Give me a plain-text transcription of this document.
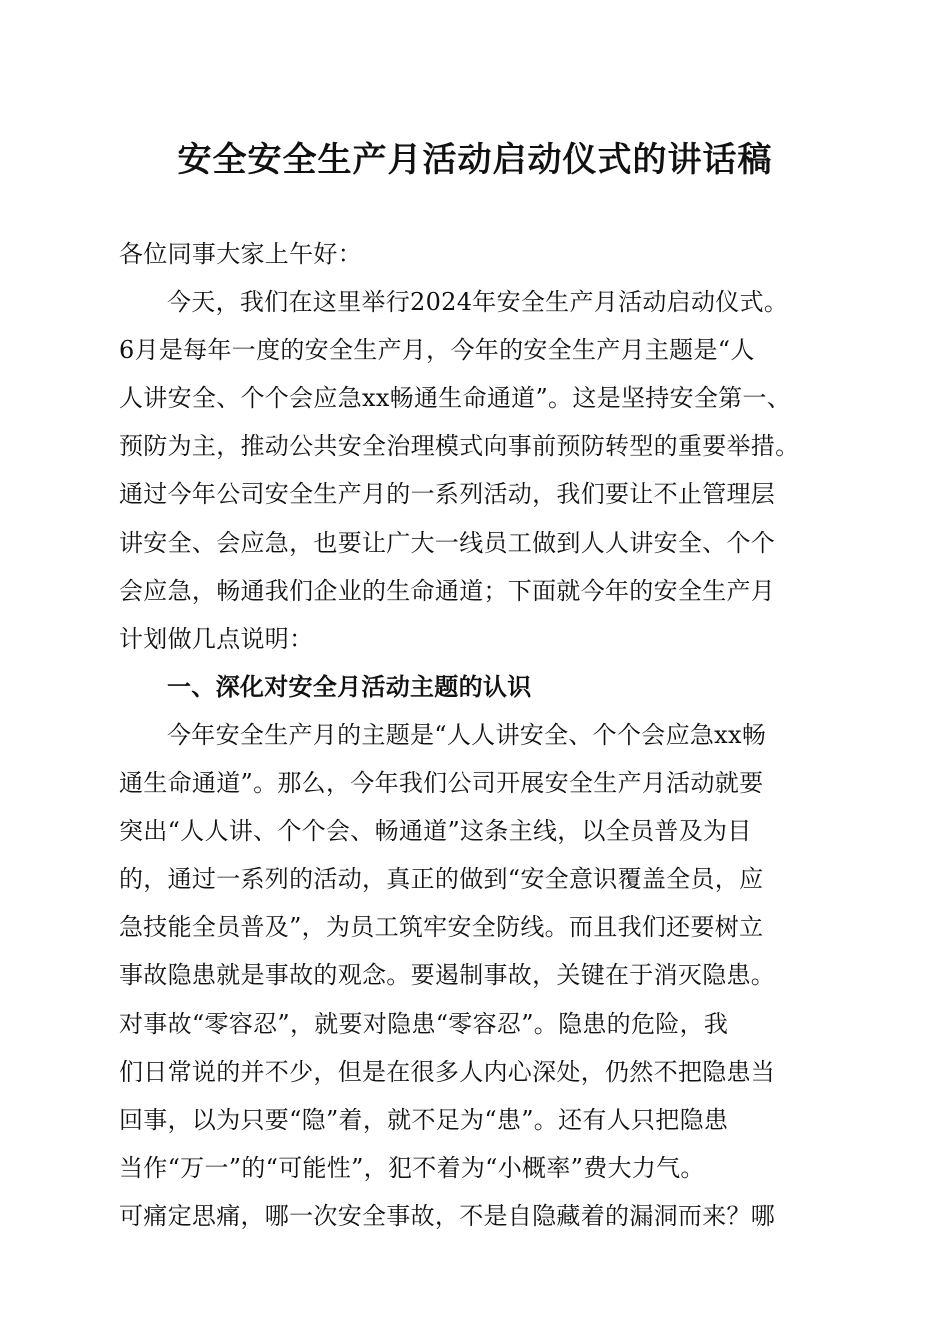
安全安全生产月活动启动仪式的讲话稿
各位同事大家上午好：
今天，我们在这里举行2024年安全生产月活动启动仪式。
6月是每年一度的安全生产月，今年的安全生产月主题是“人
人讲安全、个个会应急xx畅通生命通道”。这是坚持安全第一、
预防为主，推动公共安全治理模式向事前预防转型的重要举措。
通过今年公司安全生产月的一系列活动，我们要让不止管理层
讲安全、会应急，也要让广大一线员工做到人人讲安全、个个
会应急，畅通我们企业的生命通道；下面就今年的安全生产月
计划做几点说明：
一、深化对安全月活动主题的认识
今年安全生产月的主题是“人人讲安全、个个会应急xx畅
通生命通道”。那么，今年我们公司开展安全生产月活动就要
突出“人人讲、个个会、畅通道”这条主线，以全员普及为目
的，通过一系列的活动，真正的做到“安全意识覆盖全员，应
急技能全员普及”，为员工筑牢安全防线。而且我们还要树立
事故隐患就是事故的观念。要遏制事故，关键在于消灭隐患。
对事故“零容忍”，就要对隐患“零容忍”。隐患的危险，我
们日常说的并不少，但是在很多人内心深处，仍然不把隐患当
回事，以为只要“隐”着，就不足为“患”。还有人只把隐患
当作“万一”的“可能性”，犯不着为“小概率”费大力气。
可痛定思痛，哪一次安全事故，不是自隐藏着的漏洞而来？哪
